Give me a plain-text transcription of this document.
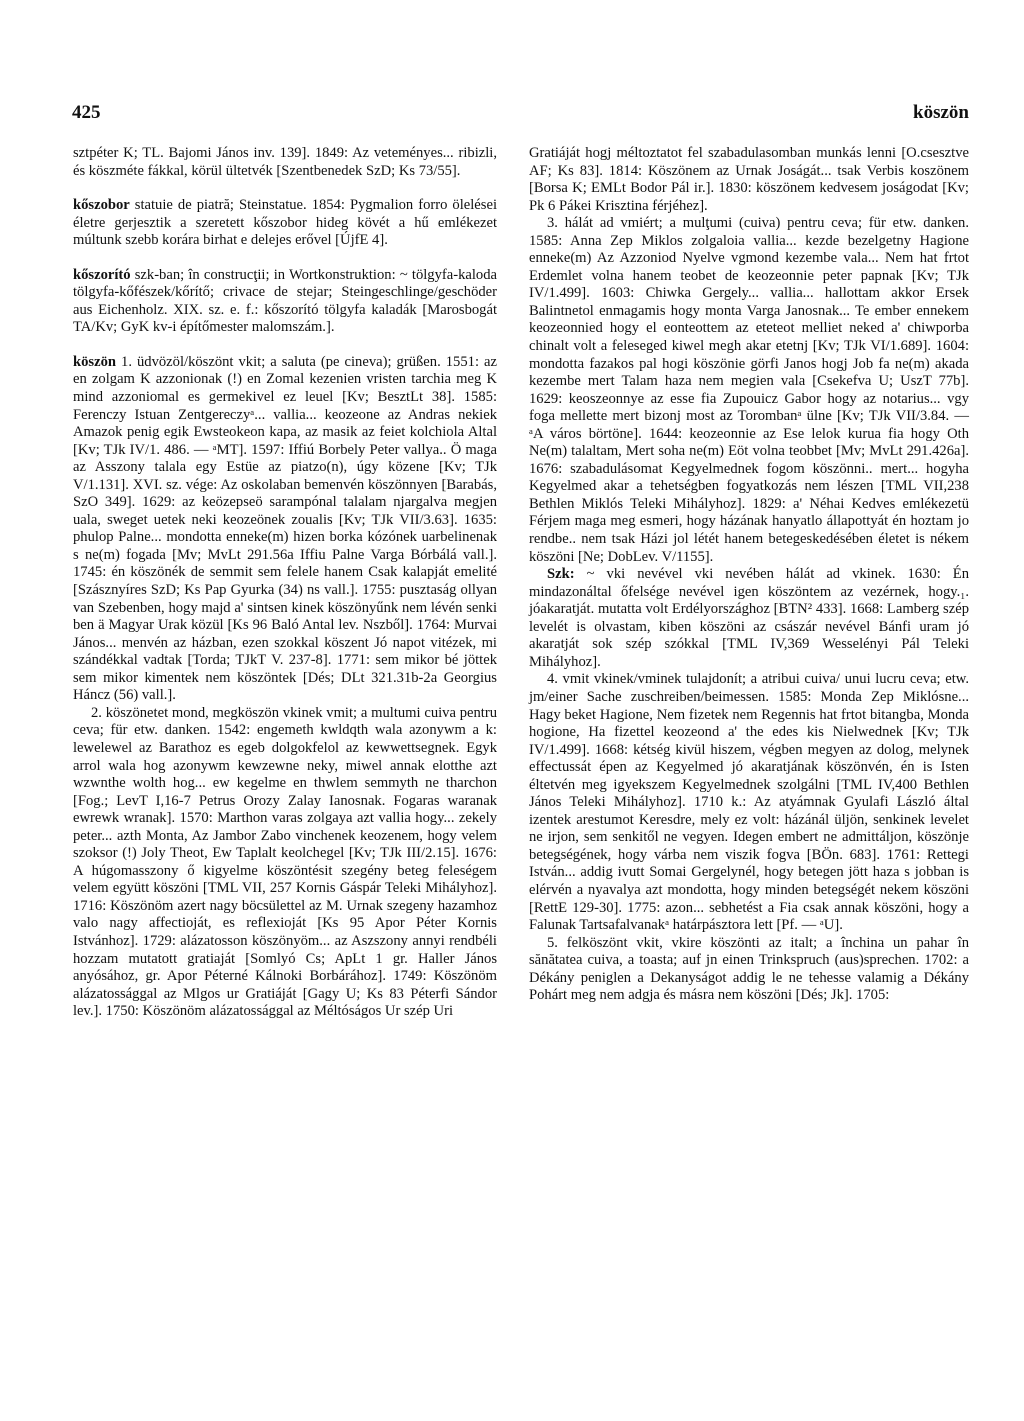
425	köszön

sztpéter K; TL. Bajomi János inv. 139]. 1849: Az veteményes... ribizli, és köszméte fákkal, körül ültetvék [Szentbenedek SzD; Ks 73/55].

kőszobor statuie de piatră; Steinstatue. 1854: Pygmalion forro ölelései életre gerjesztik a szeretett kőszobor hideg kövét a hű emlékezet múltunk szebb korára birhat e delejes erővel [ÚjfE 4].

kőszorító szk-ban; în construcţii; in Wortkonstruktion: ~ tölgyfa-kaloda tölgyfa-kőfészek/kőrítő; crivace de stejar; Steingeschlinge/geschöder aus Eichenholz. XIX. sz. e. f.: kőszorító tölgyfa kaladák [Marosbogát TA/Kv; GyK kv-i építőmester malomszám.].

köszön 1. üdvözöl/köszönt vkit; a saluta (pe cineva); grüßen. 1551: az en zolgam K azzonionak (!) en Zomal kezenien vristen tarchia meg K mind azzoniomal es germekivel ez leuel [Kv; BesztLt 38]. 1585: Ferenczy Istuan Zentgereczyᵃ... vallia... keozeone az Andras nekiek Amazok penig egik Ewsteokeon kapa, az masik az feiet kolchiola Altal [Kv; TJk IV/1. 486. — ᵃMT]. 1597: Iffiú Borbely Peter vallya.. Ö maga az Asszony talala egy Estüe az piatzo(n), úgy közene [Kv; TJk V/1.131]. XVI. sz. vége: Az oskolaban bemenvén köszönnyen [Barabás, SzO 349]. 1629: az keözepseö sarampónal talalam njargalva megjen uala, sweget uetek neki keozeönek zoualis [Kv; TJk VII/3.63]. 1635: phulop Palne... mondotta enneke(m) hizen borka kózónek uarbelinenak s ne(m) fogada [Mv; MvLt 291.56a Iffiu Palne Varga Bórbálá vall.]. 1745: én köszönék de semmit sem felele hanem Csak kalapját emelité [Szásznyíres SzD; Ks Pap Gyurka (34) ns vall.]. 1755: pusztaság ollyan van Szebenben, hogy majd a' sintsen kinek köszönyűnk nem lévén senki ben ä Magyar Urak közül [Ks 96 Baló Antal lev. Nszből]. 1764: Murvai János... menvén az házban, ezen szokkal köszent Jó napot vitézek, mi szándékkal vadtak [Torda; TJkT V. 237-8]. 1771: sem mikor bé jöttek sem mikor kimentek nem köszöntek [Dés; DLt 321.31b-2a Georgius Háncz (56) vall.].

2. köszönetet mond, megköszön vkinek vmit; a multumi cuiva pentru ceva; für etw. danken. 1542: engemeth kwldqth wala azonywm a k: lewelewel az Barathoz es egeb dolgokfelol az kewwettsegnek. Egyk arrol wala hog azonywm kewzewne neky, miwel annak elotthe azt wzwnthe wolth hog... ew kegelme en thwlem semmyth ne tharchon [Fog.; LevT I,16-7 Petrus Orozy Zalay Ianosnak. Fogaras waranak ewrewk wranak]. 1570: Marthon varas zolgaya azt vallia hogy... zekely peter... azth Monta, Az Jambor Zabo vinchenek keozenem, hogy velem szoksor (!) Joly Theot, Ew Taplalt keolchegel [Kv; TJk III/2.15]. 1676: A húgomasszony ő kigyelme köszöntésit szegény beteg feleségem velem együtt köszöni [TML VII, 257 Kornis Gáspár Teleki Mihályhoz]. 1716: Köszönöm azert nagy böcsülettel az M. Urnak szegeny hazamhoz valo nagy affectioját, es reflexioját [Ks 95 Apor Péter Kornis Istvánhoz]. 1729: alázatosson köszönyöm... az Aszszony annyi rendbéli hozzam mutatott gratiaját [Somlyó Cs; ApLt 1 gr. Haller János anyósához, gr. Apor Péterné Kálnoki Borbárához]. 1749: Köszönöm alázatossággal az Mlgos ur Gratiáját [Gagy U; Ks 83 Péterfi Sándor lev.]. 1750: Köszönöm alázatossággal az Méltóságos Ur szép Uri

Gratiáját hogj méltoztatot fel szabadulasomban munkás lenni [O.csesztve AF; Ks 83]. 1814: Köszönem az Urnak Joságát... tsak Verbis koszönem [Borsa K; EMLt Bodor Pál ir.]. 1830: köszönem kedvesem joságodat [Kv; Pk 6 Pákei Krisztina férjéhez].

3. hálát ad vmiért; a mulţumi (cuiva) pentru ceva; für etw. danken. 1585: Anna Zep Miklos zolgaloia vallia... kezde bezelgetny Hagione enneke(m) Az Azzoniod Nyelve vgmond kezembe vala... Nem hat frtot Erdemlet volna hanem teobet de keozeonnie peter papnak [Kv; TJk IV/1.499]. 1603: Chiwka Gergely... vallia... hallottam akkor Ersek Balintnetol enmagamis hogy monta Varga Janosnak... Te ember ennekem keozeonnied hogy el eonteottem az eteteot melliet neked a' chiwporba chinalt volt a feleseged kiwel megh akar etetnj [Kv; TJk VI/1.689]. 1604: mondotta fazakos pal hogi köszönie görfi Janos hogj Job fa ne(m) akada kezembe mert Talam haza nem megien vala [Csekefva U; UszT 77b]. 1629: keoszeonnye az esse fia Zupouicz Gabor hogy az notarius... vgy foga mellette mert bizonj most az Torombanᵃ ülne [Kv; TJk VII/3.84. — ᵃA város börtöne]. 1644: keozeonnie az Ese lelok kurua fia hogy Oth Ne(m) talaltam, Mert soha ne(m) Eöt volna teobbet [Mv; MvLt 291.426a]. 1676: szabadulásomat Kegyelmednek fogom köszönni.. mert... hogyha Kegyelmed akar a tehetségben fogyatkozás nem lészen [TML VII,238 Bethlen Miklós Teleki Mihályhoz]. 1829: a' Néhai Kedves emlékezetü Férjem maga meg esmeri, hogy házának hanyatlo állapottyát én hoztam jo rendbe.. nem tsak Házi jol létét hanem betegeskedésében életet is nékem köszöni [Ne; DobLev. V/1155].

Szk: ~ vki nevével vki nevében hálát ad vkinek. 1630: Én mindazonáltal őfelsége nevével igen köszöntem az vezérnek, hogy.₁. jóakaratját. mutatta volt Erdélyországhoz [BTN² 433]. 1668: Lamberg szép levelét is olvastam, kiben köszöni az császár nevével Bánfi uram jó akaratját sok szép szókkal [TML IV,369 Wesselényi Pál Teleki Mihályhoz].

4. vmit vkinek/vminek tulajdonít; a atribui cuiva/ unui lucru ceva; etw. jm/einer Sache zuschreiben/beimessen. 1585: Monda Zep Miklósne... Hagy beket Hagione, Nem fizetek nem Regennis hat frtot bitangba, Monda hogione, Ha fizettel keozeond a' the edes kis Nielwednek [Kv; TJk IV/1.499]. 1668: kétség kivül hiszem, végben megyen az dolog, melynek effectussát épen az Kegyelmed jó akaratjának köszönvén, én is Isten éltetvén meg igyekszem Kegyelmednek szolgálni [TML IV,400 Bethlen János Teleki Mihályhoz]. 1710 k.: Az atyámnak Gyulafi László által izentek arestumot Keresdre, mely ez volt: házánál üljön, senkinek levelet ne irjon, sem senkitől ne vegyen. Idegen embert ne admittáljon, köszönje betegségének, hogy várba nem viszik fogva [BÖn. 683]. 1761: Rettegi István... addig ivutt Somai Gergelynél, hogy betegen jött haza s jobban is elérvén a nyavalya azt mondotta, hogy minden betegségét nekem köszöni [RettE 129-30]. 1775: azon... sebhetést a Fia csak annak köszöni, hogy a Falunak Tartsafalvanakᵃ határpásztora lett [Pf. — ᵃU].

5. felköszönt vkit, vkire köszönti az italt; a închina un pahar în sănătatea cuiva, a toasta; auf jn einen Trinkspruch (aus)sprechen. 1702: a Dékány peniglen a Dekanyságot addig le ne tehesse valamig a Dékány Pohárt meg nem adgja és másra nem köszöni [Dés; Jk]. 1705:
